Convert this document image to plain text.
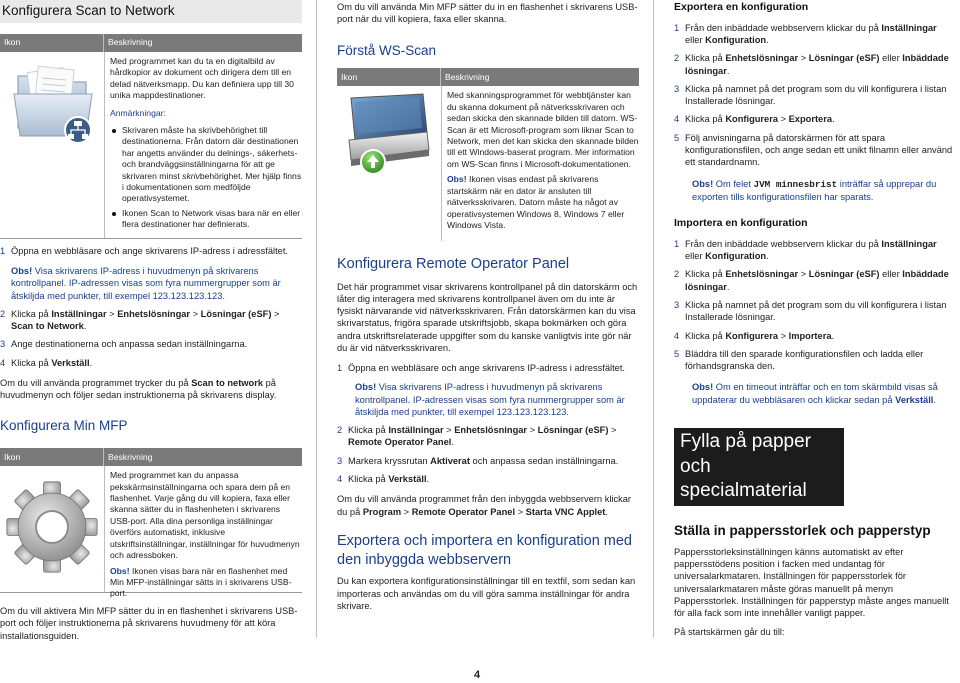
Konfigurera Scan to Network
Ikon	Beskrivning

Med programmet kan du ta en digitalbild av hårdkopior av dokument och dirigera dem till en delad nätverksmapp. Du kan definiera upp till 30 unika mappdestinationer.

Anmärkningar:

Skrivaren måste ha skrivbehörighet till destinationerna. Från datorn där destinationen har angetts använder du delnings-, säkerhets- och brandväggsinställningarna för att ge skrivaren minst skrivbehörighet. Mer hjälp finns i dokumentationen som medföljde operativsystemet.
Ikonen Scan to Network visas bara när en eller flera destinationer har definierats.
1 Öppna en webbläsare och ange skrivarens IP-adress i adressfältet.

Obs! Visa skrivarens IP-adress i huvudmenyn på skrivarens kontrollpanel. IP-adressen visas som fyra nummergrupper som är åtskiljda med punkter, till exempel 123.123.123.123.

2 Klicka på Inställningar > Enhetslösningar > Lösningar (eSF) > Scan to Network.
3 Ange destinationerna och anpassa sedan inställningarna.
4 Klicka på Verkställ.

Om du vill använda programmet trycker du på Scan to network på huvudmenyn och följer sedan instruktionerna på skrivarens display.

Konfigurera Min MFP
Ikon	Beskrivning

Med programmet kan du anpassa pekskärmsinställningarna och spara dem på en flashenhet. Varje gång du vill kopiera, faxa eller skanna sätter du in flashenheten i skrivarens USB-port. Alla dina personliga inställningar överförs automatiskt, inklusive utskriftsinställningar, inställningar för huvudmenyn och adressboken.

Obs! Ikonen visas bara när en flashenhet med Min MFP-inställningar sätts in i skrivarens USB-port.

Om du vill aktivera Min MFP sätter du in en flashenhet i skrivarens USB-port och följer instruktionerna på skrivarens huvudmeny för att köra installationsguiden.

Om du vill använda Min MFP sätter du in en flashenhet i skrivarens USB-port när du vill kopiera, faxa eller skanna.

Förstå WS-Scan
Ikon	Beskrivning

Med skanningsprogrammet för webbtjänster kan du skanna dokument på nätverksskrivaren och sedan skicka den skannade bilden till datorn. WS-Scan är ett Microsoft-program som liknar Scan to Network, men det kan skicka den skannade bilden till ett Windows-baserat program. Mer information om WS-Scan finns i Microsoft-dokumentationen.

Obs! Ikonen visas endast på skrivarens startskärm när en dator är ansluten till nätverksskrivaren. Datorn måste ha något av operativsystemen Windows 8, Windows 7 eller Windows Vista.

Konfigurera Remote Operator Panel

Det här programmet visar skrivarens kontrollpanel på din datorskärm och låter dig interagera med skrivarens kontrollpanel även om du inte är fysiskt närvarande vid nätverksskrivaren. Från datorskärmen kan du visa skrivarstatus, frigöra sparade utskriftsjobb, skapa bokmärken och göra andra utskriftsrelaterade uppgifter som du kanske vanligtvis inte gör när du är vid nätverksskrivaren.

1 Öppna en webbläsare och ange skrivarens IP-adress i adressfältet.

Obs! Visa skrivarens IP-adress i huvudmenyn på skrivarens kontrollpanel. IP-adressen visas som fyra nummergrupper som är åtskiljda med punkter, till exempel 123.123.123.123.

2 Klicka på Inställningar > Enhetslösningar > Lösningar (eSF) > Remote Operator Panel.
3 Markera kryssrutan Aktiverat och anpassa sedan inställningarna.
4 Klicka på Verkställ.

Om du vill använda programmet från den inbyggda webbservern klickar du på Program > Remote Operator Panel > Starta VNC Applet.

Exportera och importera en konfiguration med den inbyggda webbservern

Du kan exportera konfigurationsinställningar till en textfil, som sedan kan importeras och användas om du vill göra samma inställningar för andra skrivare.

Exportera en konfiguration
1 Från den inbäddade webbservern klickar du på Inställningar eller Konfiguration.
2 Klicka på Enhetslösningar > Lösningar (eSF) eller Inbäddade lösningar.
3 Klicka på namnet på det program som du vill konfigurera i listan Installerade lösningar.
4 Klicka på Konfigurera > Exportera.
5 Följ anvisningarna på datorskärmen för att spara konfigurationsfilen, och ange sedan ett unikt filnamn eller använd ett standardnamn.

Obs! Om felet JVM minnesbrist inträffar så upprepar du exporten tills konfigurationsfilen har sparats.

Importera en konfiguration
1 Från den inbäddade webbservern klickar du på Inställningar eller Konfiguration.
2 Klicka på Enhetslösningar > Lösningar (eSF) eller Inbäddade lösningar.
3 Klicka på namnet på det program som du vill konfigurera i listan Installerade lösningar.
4 Klicka på Konfigurera > Importera.
5 Bläddra till den sparade konfigurationsfilen och ladda eller förhandsgranska den.

Obs! Om en timeout inträffar och en tom skärmbild visas så uppdaterar du webbläsaren och klickar sedan på Verkställ.

Fylla på papper och specialmaterial
Ställa in pappersstorlek och papperstyp

Pappersstorleksinställningen känns automatiskt av efter pappersstödens position i facken med undantag för universalarkmataren. Inställningen för pappersstorlek för universalarkmataren måste göras manuellt på menyn Pappersstorlek. Inställningen för papperstyp måste anges manuellt för alla fack som inte innehåller vanligt papper.

På startskärmen går du till:

4
